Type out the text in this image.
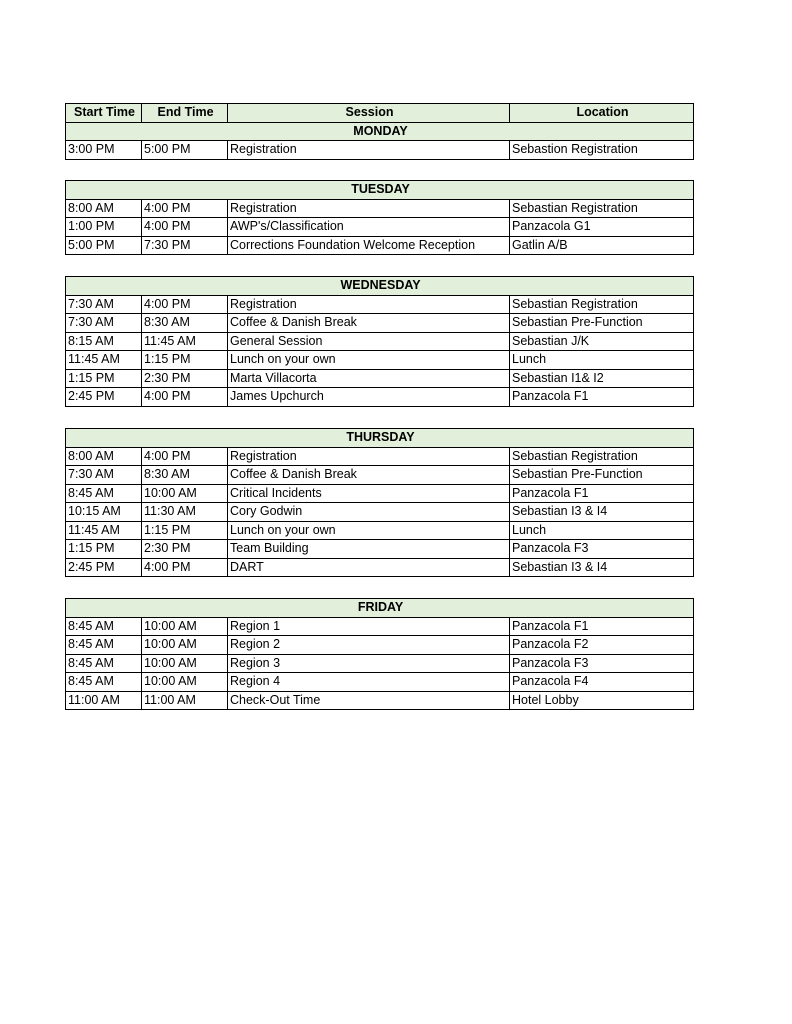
Start Time	End Time	Session	Location
MONDAY			
3:00 PM	5:00 PM	Registration	Sebastion Registration
TUESDAY			
8:00 AM	4:00 PM	Registration	Sebastian Registration
1:00 PM	4:00 PM	AWP's/Classification	Panzacola G1
5:00 PM	7:30 PM	Corrections Foundation Welcome Reception	Gatlin A/B
WEDNESDAY			
7:30 AM	4:00 PM	Registration	Sebastian Registration
7:30 AM	8:30 AM	Coffee & Danish Break	Sebastian Pre-Function
8:15 AM	11:45 AM	General Session	Sebastian J/K
11:45 AM	1:15 PM	Lunch on your own	Lunch
1:15 PM	2:30 PM	Marta Villacorta	Sebastian I1& I2
2:45 PM	4:00 PM	James Upchurch	Panzacola F1
THURSDAY			
8:00 AM	4:00 PM	Registration	Sebastian Registration
7:30 AM	8:30 AM	Coffee & Danish Break	Sebastian Pre-Function
8:45 AM	10:00 AM	Critical Incidents	Panzacola F1
10:15 AM	11:30 AM	Cory Godwin	Sebastian I3 & I4
11:45 AM	1:15 PM	Lunch on your own	Lunch
1:15 PM	2:30 PM	Team Building	Panzacola F3
2:45 PM	4:00 PM	DART	Sebastian I3 & I4
FRIDAY			
8:45 AM	10:00 AM	Region 1	Panzacola F1
8:45 AM	10:00 AM	Region 2	Panzacola F2
8:45 AM	10:00 AM	Region 3	Panzacola F3
8:45 AM	10:00 AM	Region 4	Panzacola F4
11:00 AM	11:00 AM	Check-Out Time	Hotel Lobby
